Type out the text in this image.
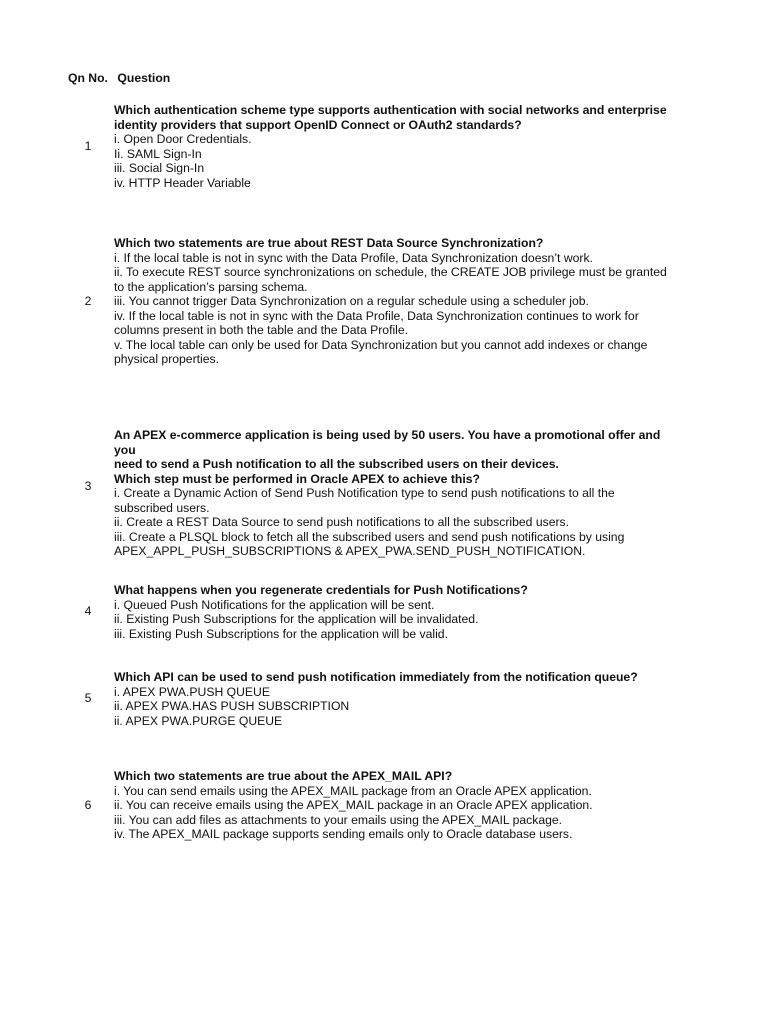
Qn No. Question
1
Which authentication scheme type supports authentication with social networks and enterprise
identity providers that support OpenID Connect or OAuth2 standards?
i. Open Door Credentials.
Ii. SAML Sign-In
iii. Social Sign-In
iv. HTTP Header Variable
2
Which two statements are true about REST Data Source Synchronization?
i. If the local table is not in sync with the Data Profile, Data Synchronization doesn’t work.
ii. To execute REST source synchronizations on schedule, the CREATE JOB privilege must be granted
to the application’s parsing schema.
iii. You cannot trigger Data Synchronization on a regular schedule using a scheduler job.
iv. If the local table is not in sync with the Data Profile, Data Synchronization continues to work for
columns present in both the table and the Data Profile.
v. The local table can only be used for Data Synchronization but you cannot add indexes or change
physical properties.
3
An APEX e-commerce application is being used by 50 users. You have a promotional offer and you
need to send a Push notification to all the subscribed users on their devices.
Which step must be performed in Oracle APEX to achieve this?
i. Create a Dynamic Action of Send Push Notification type to send push notifications to all the
subscribed users.
ii. Create a REST Data Source to send push notifications to all the subscribed users.
iii. Create a PLSQL block to fetch all the subscribed users and send push notifications by using
APEX_APPL_PUSH_SUBSCRIPTIONS & APEX_PWA.SEND_PUSH_NOTIFICATION.
4
What happens when you regenerate credentials for Push Notifications?
i. Queued Push Notifications for the application will be sent.
ii. Existing Push Subscriptions for the application will be invalidated.
iii. Existing Push Subscriptions for the application will be valid.
5
Which API can be used to send push notification immediately from the notification queue?
i. APEX PWA.PUSH QUEUE
ii. APEX PWA.HAS PUSH SUBSCRIPTION
ii. APEX PWA.PURGE QUEUE
6
Which two statements are true about the APEX_MAIL API?
i. You can send emails using the APEX_MAIL package from an Oracle APEX application.
ii. You can receive emails using the APEX_MAIL package in an Oracle APEX application.
iii. You can add files as attachments to your emails using the APEX_MAIL package.
iv. The APEX_MAIL package supports sending emails only to Oracle database users.
